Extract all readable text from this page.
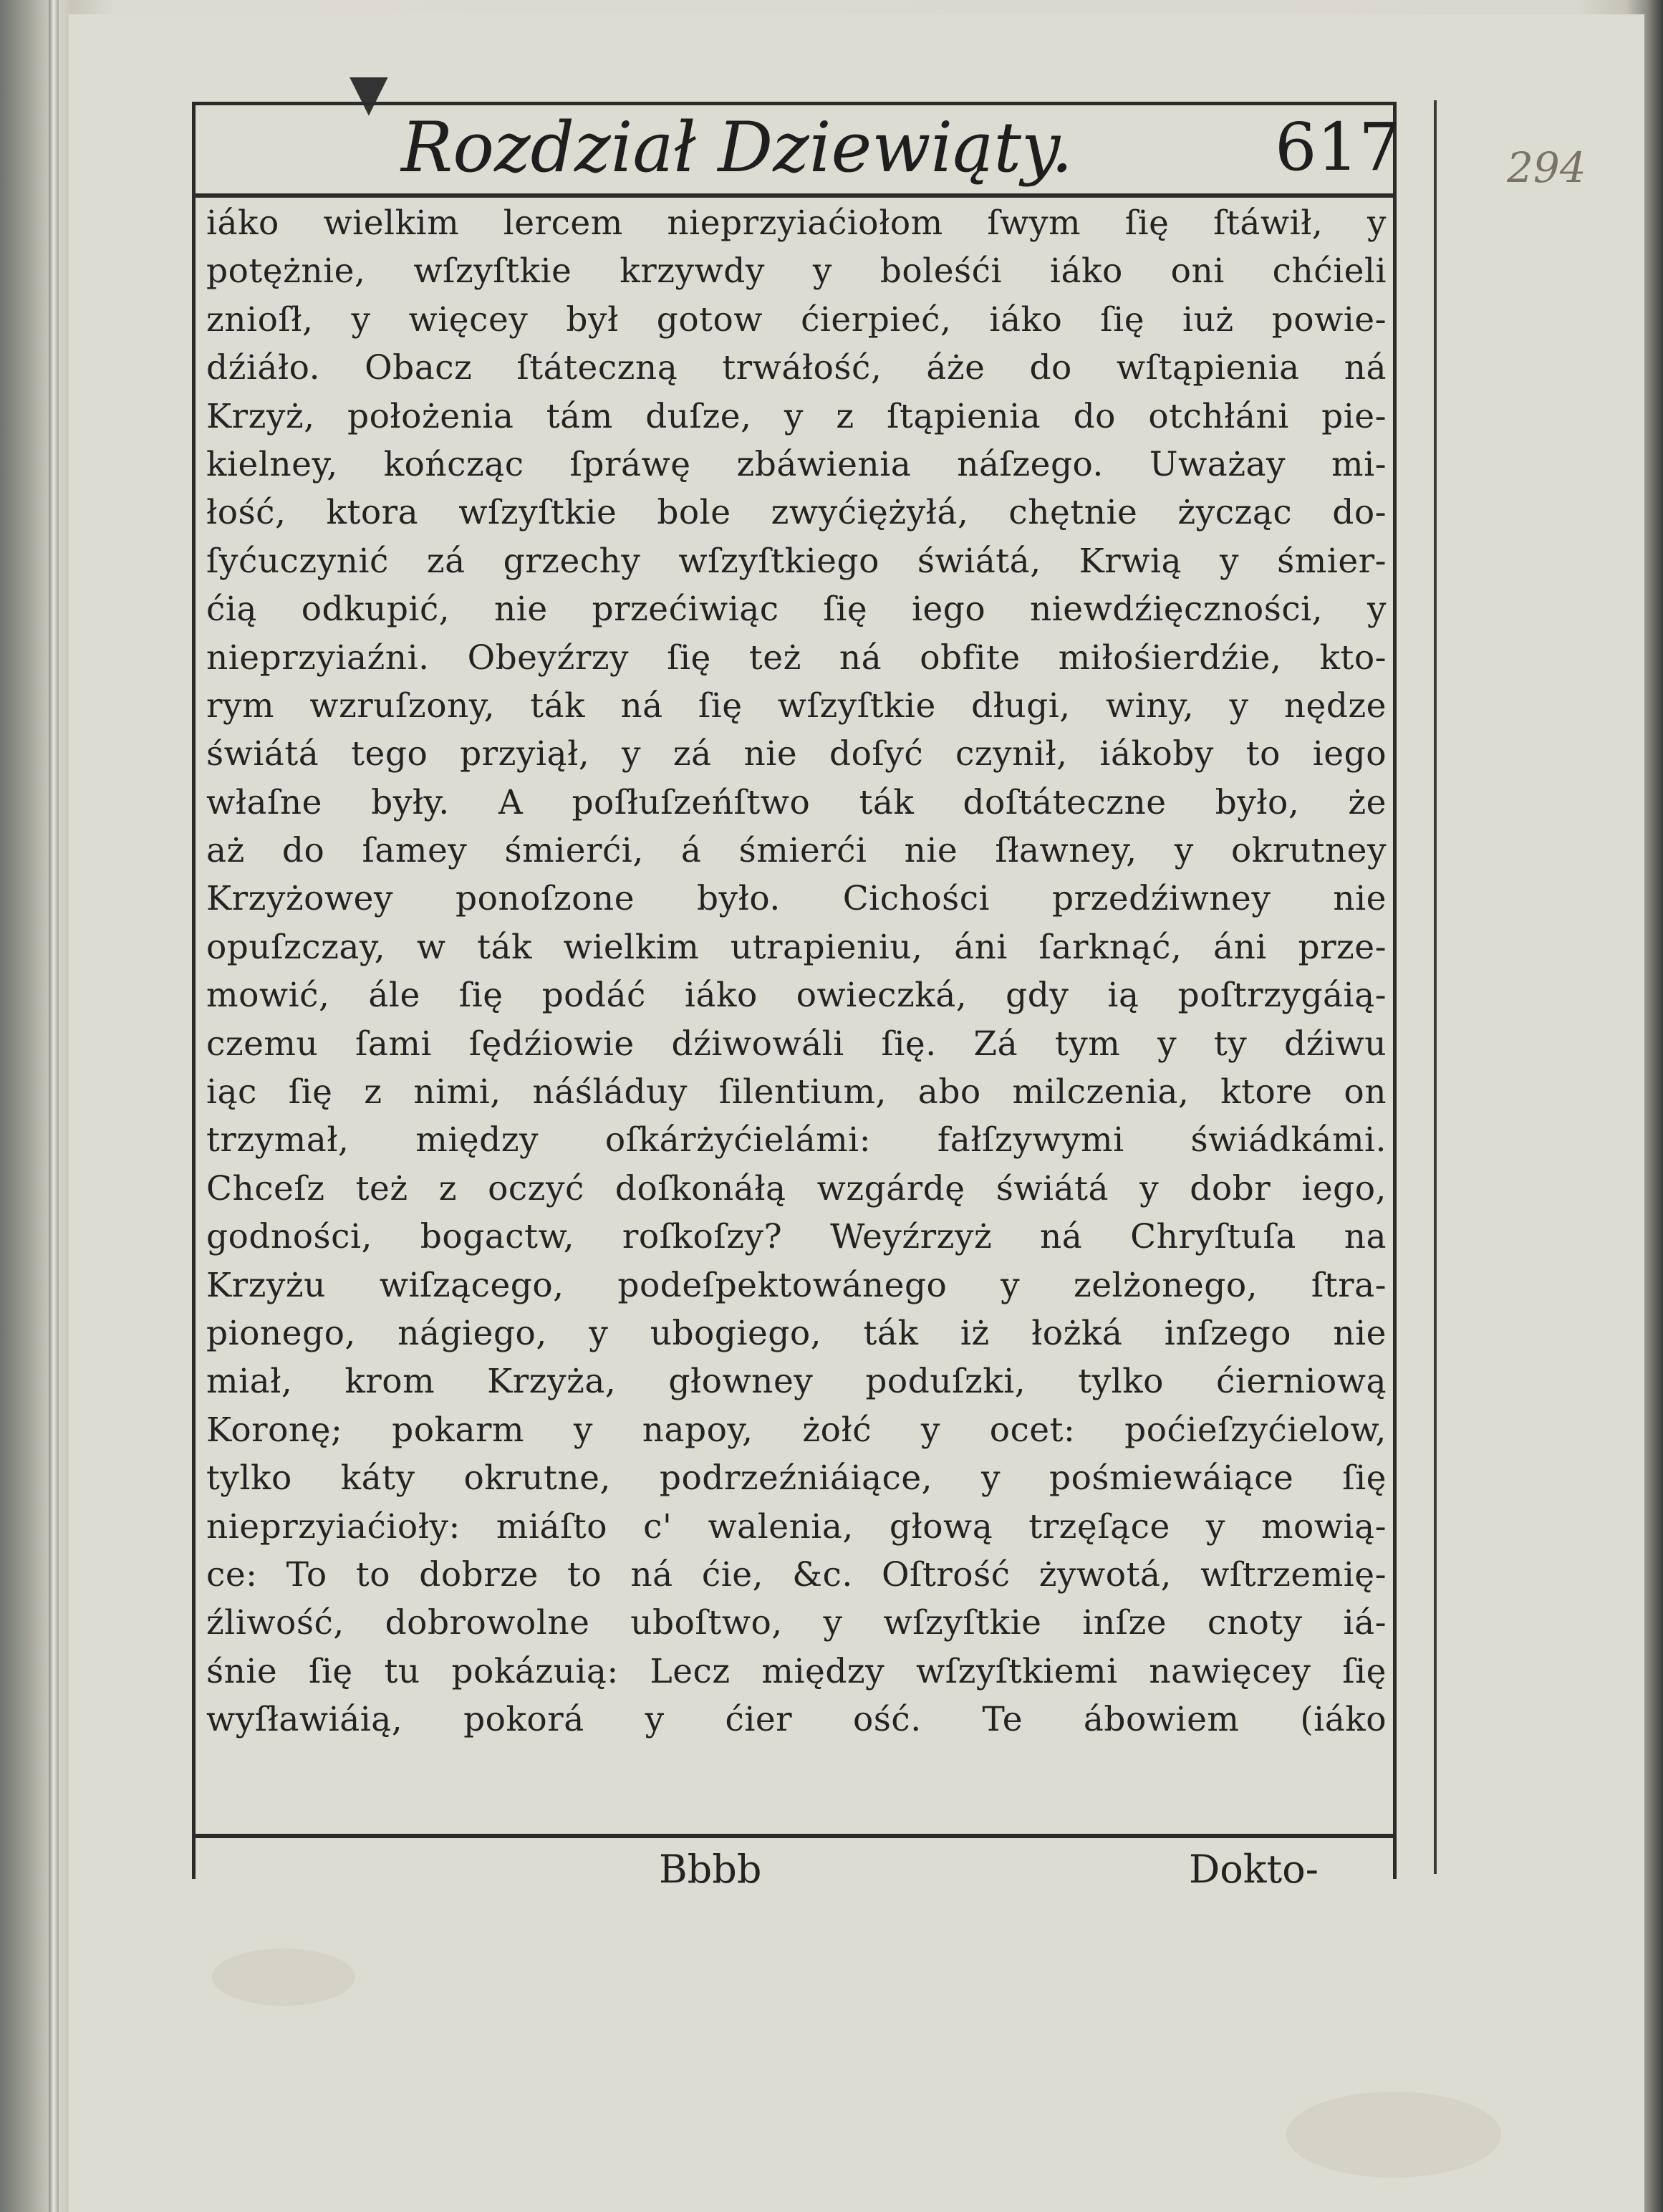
▼
Rozdział Dziewiąty.	617	294
iáko wielkim lercem nieprzyiaćiołom ſwym ſię ſtáwił, y
potężnie, wſzyſtkie krzywdy y boleśći iáko oni chćieli
znioſł, y więcey był gotow ćierpieć, iáko ſię iuż powie-
dźiáło. Obacz ſtáteczną trwáłość, áże do wſtąpienia ná
Krzyż, położenia tám duſze, y z ſtąpienia do otchłáni pie-
kielney, kończąc ſpráwę zbáwienia náſzego. Uważay mi-
łość, ktora wſzyſtkie bole zwyćiężyłá, chętnie życząc do-
ſyćuczynić zá grzechy wſzyſtkiego świátá, Krwią y śmier-
ćią odkupić, nie przećiwiąc ſię iego niewdźięczności, y
nieprzyiaźni. Obeyźrzy ſię też ná obfite miłośierdźie, kto-
rym wzruſzony, ták ná ſię wſzyſtkie długi, winy, y nędze
świátá tego przyiął, y zá nie doſyć czynił, iákoby to iego
właſne były. A poſłuſzeńſtwo ták doſtáteczne było, że
aż do ſamey śmierći, á śmierći nie ſławney, y okrutney
Krzyżowey ponoſzone było. Cichości przedźiwney nie
opuſzczay, w ták wielkim utrapieniu, áni ſarknąć, áni prze-
mowić, ále ſię podáć iáko owieczká, gdy ią poſtrzygáią-
czemu ſami ſędźiowie dźiwowáli ſię. Zá tym y ty dźiwu
iąc ſię z nimi, náśláduy ſilentium, abo milczenia, ktore on
trzymał, między oſkárżyćielámi: fałſzywymi świádkámi.
Chceſz też z oczyć doſkonáłą wzgárdę świátá y dobr iego,
godności, bogactw, roſkoſzy? Weyźrzyż ná Chryſtuſa na
Krzyżu wiſzącego, podeſpektowánego y zelżonego, ſtra-
pionego, nágiego, y ubogiego, ták iż łożká inſzego nie
miał, krom Krzyża, głowney poduſzki, tylko ćierniową
Koronę; pokarm y napoy, żołć y ocet: poćieſzyćielow,
tylko káty okrutne, podrzeźniáiące, y pośmiewáiące ſię
nieprzyiaćioły: miáſto c' walenia, głową trzęſące y mowią-
ce: To to dobrze to ná ćie, &c. Oſtrość żywotá, wſtrzemię-
źliwość, dobrowolne uboſtwo, y wſzyſtkie inſze cnoty iá-
śnie ſię tu pokázuią: Lecz między wſzyſtkiemi nawięcey ſię
wyſławiáią, pokorá y ćier ość. Te ábowiem (iáko
Bbbb	Dokto-
